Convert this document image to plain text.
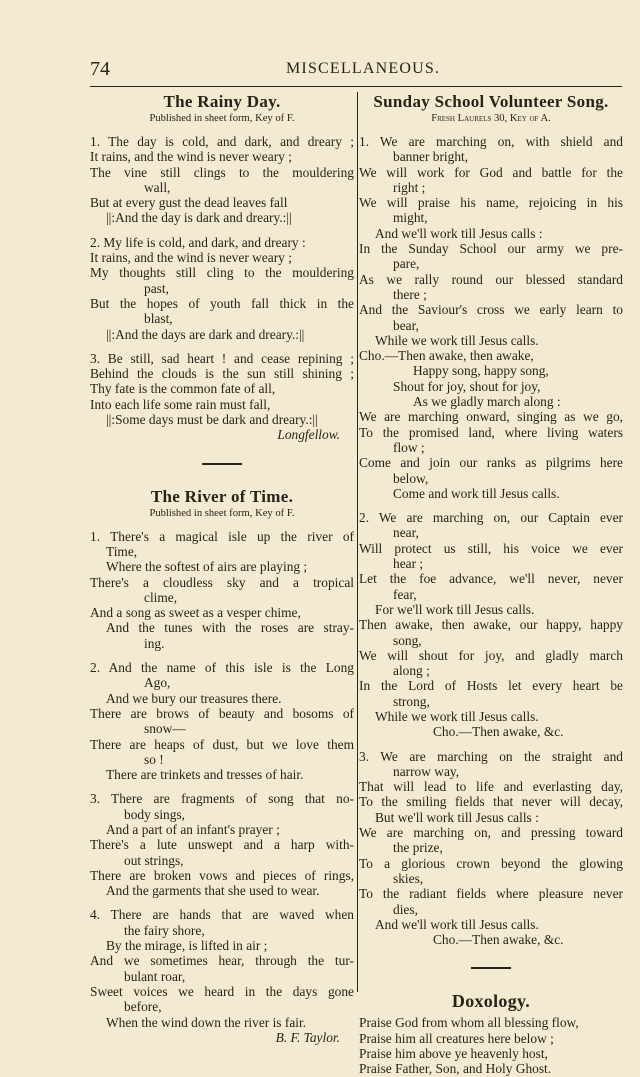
74	MISCELLANEOUS.
The Rainy Day.
Published in sheet form, Key of F.
1. The day is cold, and dark, and dreary ;
It rains, and the wind is never weary ;
The vine still clings to the mouldering
wall,
But at every gust the dead leaves fall
||:And the day is dark and dreary.:||
2. My life is cold, and dark, and dreary :
It rains, and the wind is never weary ;
My thoughts still cling to the mouldering
past,
But the hopes of youth fall thick in the
blast,
||:And the days are dark and dreary.:||
3. Be still, sad heart ! and cease repining ;
Behind the clouds is the sun still shining ;
Thy fate is the common fate of all,
Into each life some rain must fall,
||:Some days must be dark and dreary.:||
Longfellow.
The River of Time.
Published in sheet form, Key of F.
1. There's a magical isle up the river of
Time,
Where the softest of airs are playing ;
There's a cloudless sky and a tropical
clime,
And a song as sweet as a vesper chime,
And the tunes with the roses are stray-
ing.
2. And the name of this isle is the Long
Ago,
And we bury our treasures there.
There are brows of beauty and bosoms of
snow—
There are heaps of dust, but we love them
so !
There are trinkets and tresses of hair.
3. There are fragments of song that no-
body sings,
And a part of an infant's prayer ;
There's a lute unswept and a harp with-
out strings,
There are broken vows and pieces of rings,
And the garments that she used to wear.
4. There are hands that are waved when
the fairy shore,
By the mirage, is lifted in air ;
And we sometimes hear, through the tur-
bulant roar,
Sweet voices we heard in the days gone
before,
When the wind down the river is fair.
B. F. Taylor.
Sunday School Volunteer Song.
Fresh Laurels 30, Key of A.
1. We are marching on, with shield and
banner bright,
We will work for God and battle for the
right ;
We will praise his name, rejoicing in his
might,
And we'll work till Jesus calls :
In the Sunday School our army we pre-
pare,
As we rally round our blessed standard
there ;
And the Saviour's cross we early learn to
bear,
While we work till Jesus calls.
Cho.—Then awake, then awake,
Happy song, happy song,
Shout for joy, shout for joy,
As we gladly march along :
We are marching onward, singing as we go,
To the promised land, where living waters
flow ;
Come and join our ranks as pilgrims here
below,
Come and work till Jesus calls.
2. We are marching on, our Captain ever
near,
Will protect us still, his voice we ever
hear ;
Let the foe advance, we'll never, never
fear,
For we'll work till Jesus calls.
Then awake, then awake, our happy, happy
song,
We will shout for joy, and gladly march
along ;
In the Lord of Hosts let every heart be
strong,
While we work till Jesus calls.
Cho.—Then awake, &c.
3. We are marching on the straight and
narrow way,
That will lead to life and everlasting day,
To the smiling fields that never will decay,
But we'll work till Jesus calls :
We are marching on, and pressing toward
the prize,
To a glorious crown beyond the glowing
skies,
To the radiant fields where pleasure never
dies,
And we'll work till Jesus calls.
Cho.—Then awake, &c.
Doxology.
Praise God from whom all blessing flow,
Praise him all creatures here below ;
Praise him above ye heavenly host,
Praise Father, Son, and Holy Ghost.
